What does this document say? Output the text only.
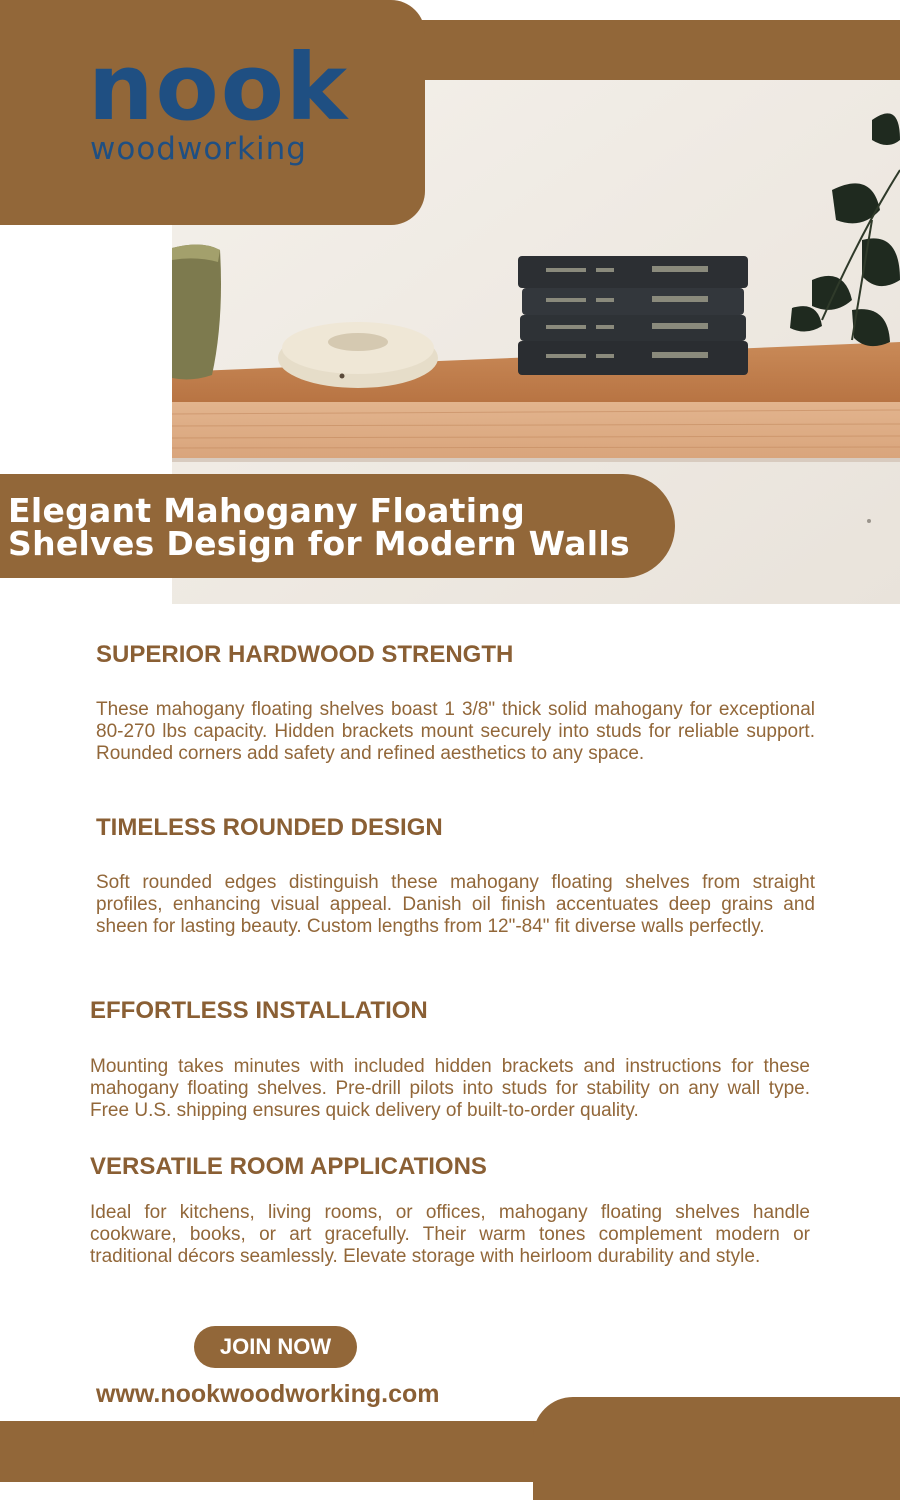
nook
woodworking
Elegant Mahogany Floating
Shelves Design for Modern Walls
SUPERIOR HARDWOOD STRENGTH

These mahogany floating shelves boast 1 3/8" thick solid mahogany for exceptional 80-270 lbs capacity. Hidden brackets mount securely into studs for reliable support. Rounded corners add safety and refined aesthetics to any space.

TIMELESS ROUNDED DESIGN

Soft rounded edges distinguish these mahogany floating shelves from straight profiles, enhancing visual appeal. Danish oil finish accentuates deep grains and sheen for lasting beauty. Custom lengths from 12"-84" fit diverse walls perfectly.

EFFORTLESS INSTALLATION

Mounting takes minutes with included hidden brackets and instructions for these mahogany floating shelves. Pre-drill pilots into studs for stability on any wall type. Free U.S. shipping ensures quick delivery of built-to-order quality.

VERSATILE ROOM APPLICATIONS

Ideal for kitchens, living rooms, or offices, mahogany floating shelves handle cookware, books, or art gracefully. Their warm tones complement modern or traditional décors seamlessly. Elevate storage with heirloom durability and style.

JOIN NOW
www.nookwoodworking.com
